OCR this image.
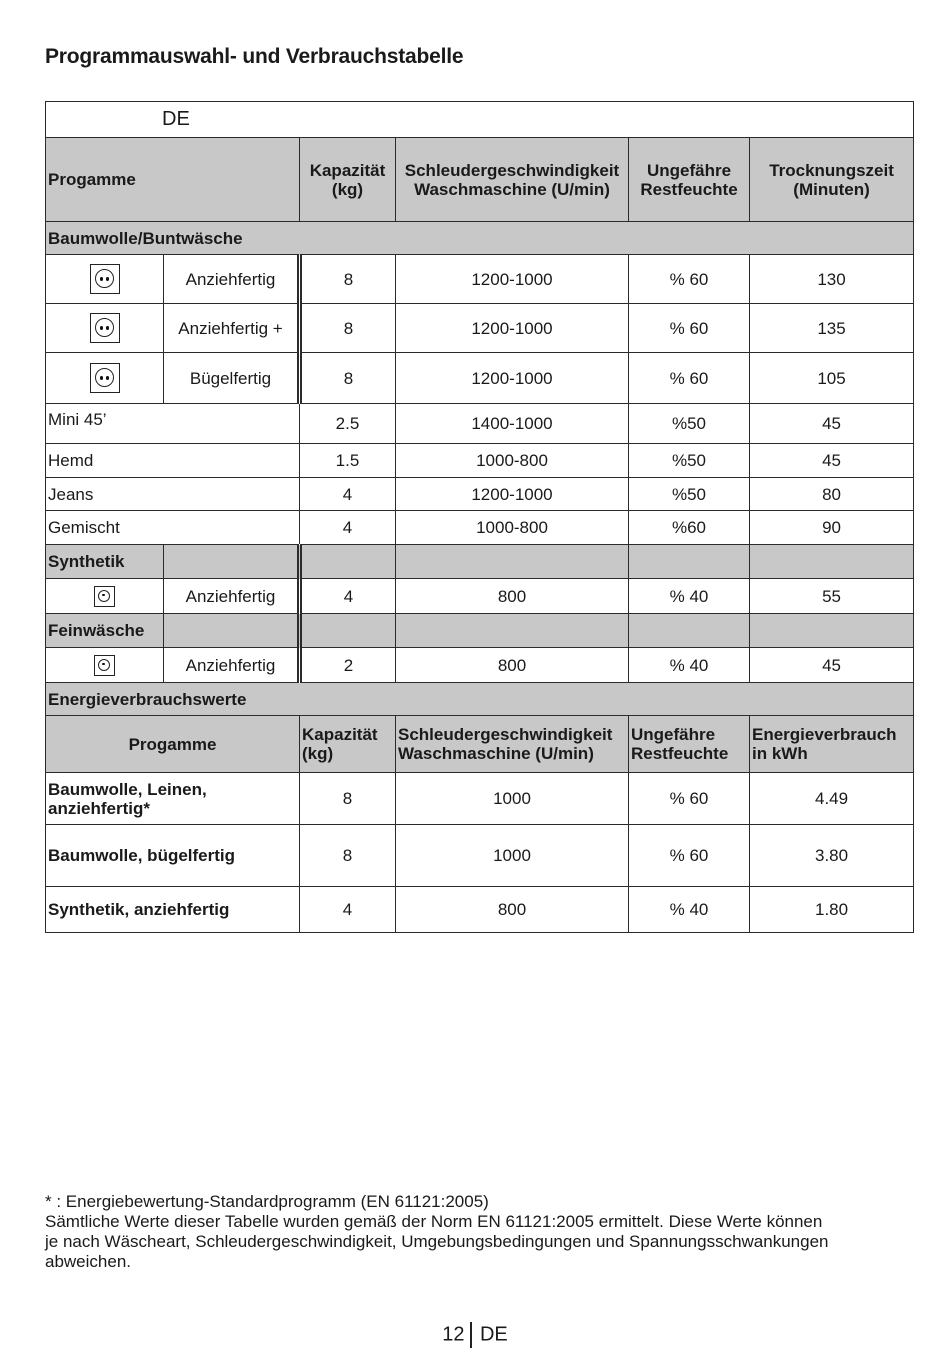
Programmauswahl- und Verbrauchstabelle
DE					
Progamme		Kapazität (kg)	Schleudergeschwindigkeit Waschmaschine (U/min)	Ungefähre Restfeuchte	Trocknungszeit (Minuten)
Baumwolle/Buntwäsche					

	Anziehfertig	8	1200-1000	% 60	130

	Anziehfertig +	8	1200-1000	% 60	135

	Bügelfertig	8	1200-1000	% 60	105
Mini 45’		2.5	1400-1000	%50	45
Hemd		1.5	1000-800	%50	45
Jeans		4	1200-1000	%50	80
Gemischt		4	1000-800	%60	90
Synthetik					

	Anziehfertig	4	800	% 40	55
Feinwäsche					

	Anziehfertig	2	800	% 40	45
Energieverbrauchswerte					
Progamme		Kapazität (kg)	Schleudergeschwindigkeit Waschmaschine (U/min)	Ungefähre Restfeuchte	Energieverbrauch in kWh
Baumwolle, Leinen, anziehfertig*		8	1000	% 60	4.49
Baumwolle, bügelfertig		8	1000	% 60	3.80
Synthetik, anziehfertig		4	800	% 40	1.80
* : Energiebewertung-Standardprogramm (EN 61121:2005)
Sämtliche Werte dieser Tabelle wurden gemäß der Norm EN 61121:2005 ermittelt. Diese Werte können
je nach Wäscheart, Schleudergeschwindigkeit, Umgebungsbedingungen und Spannungsschwankungen
abweichen.
12 DE
